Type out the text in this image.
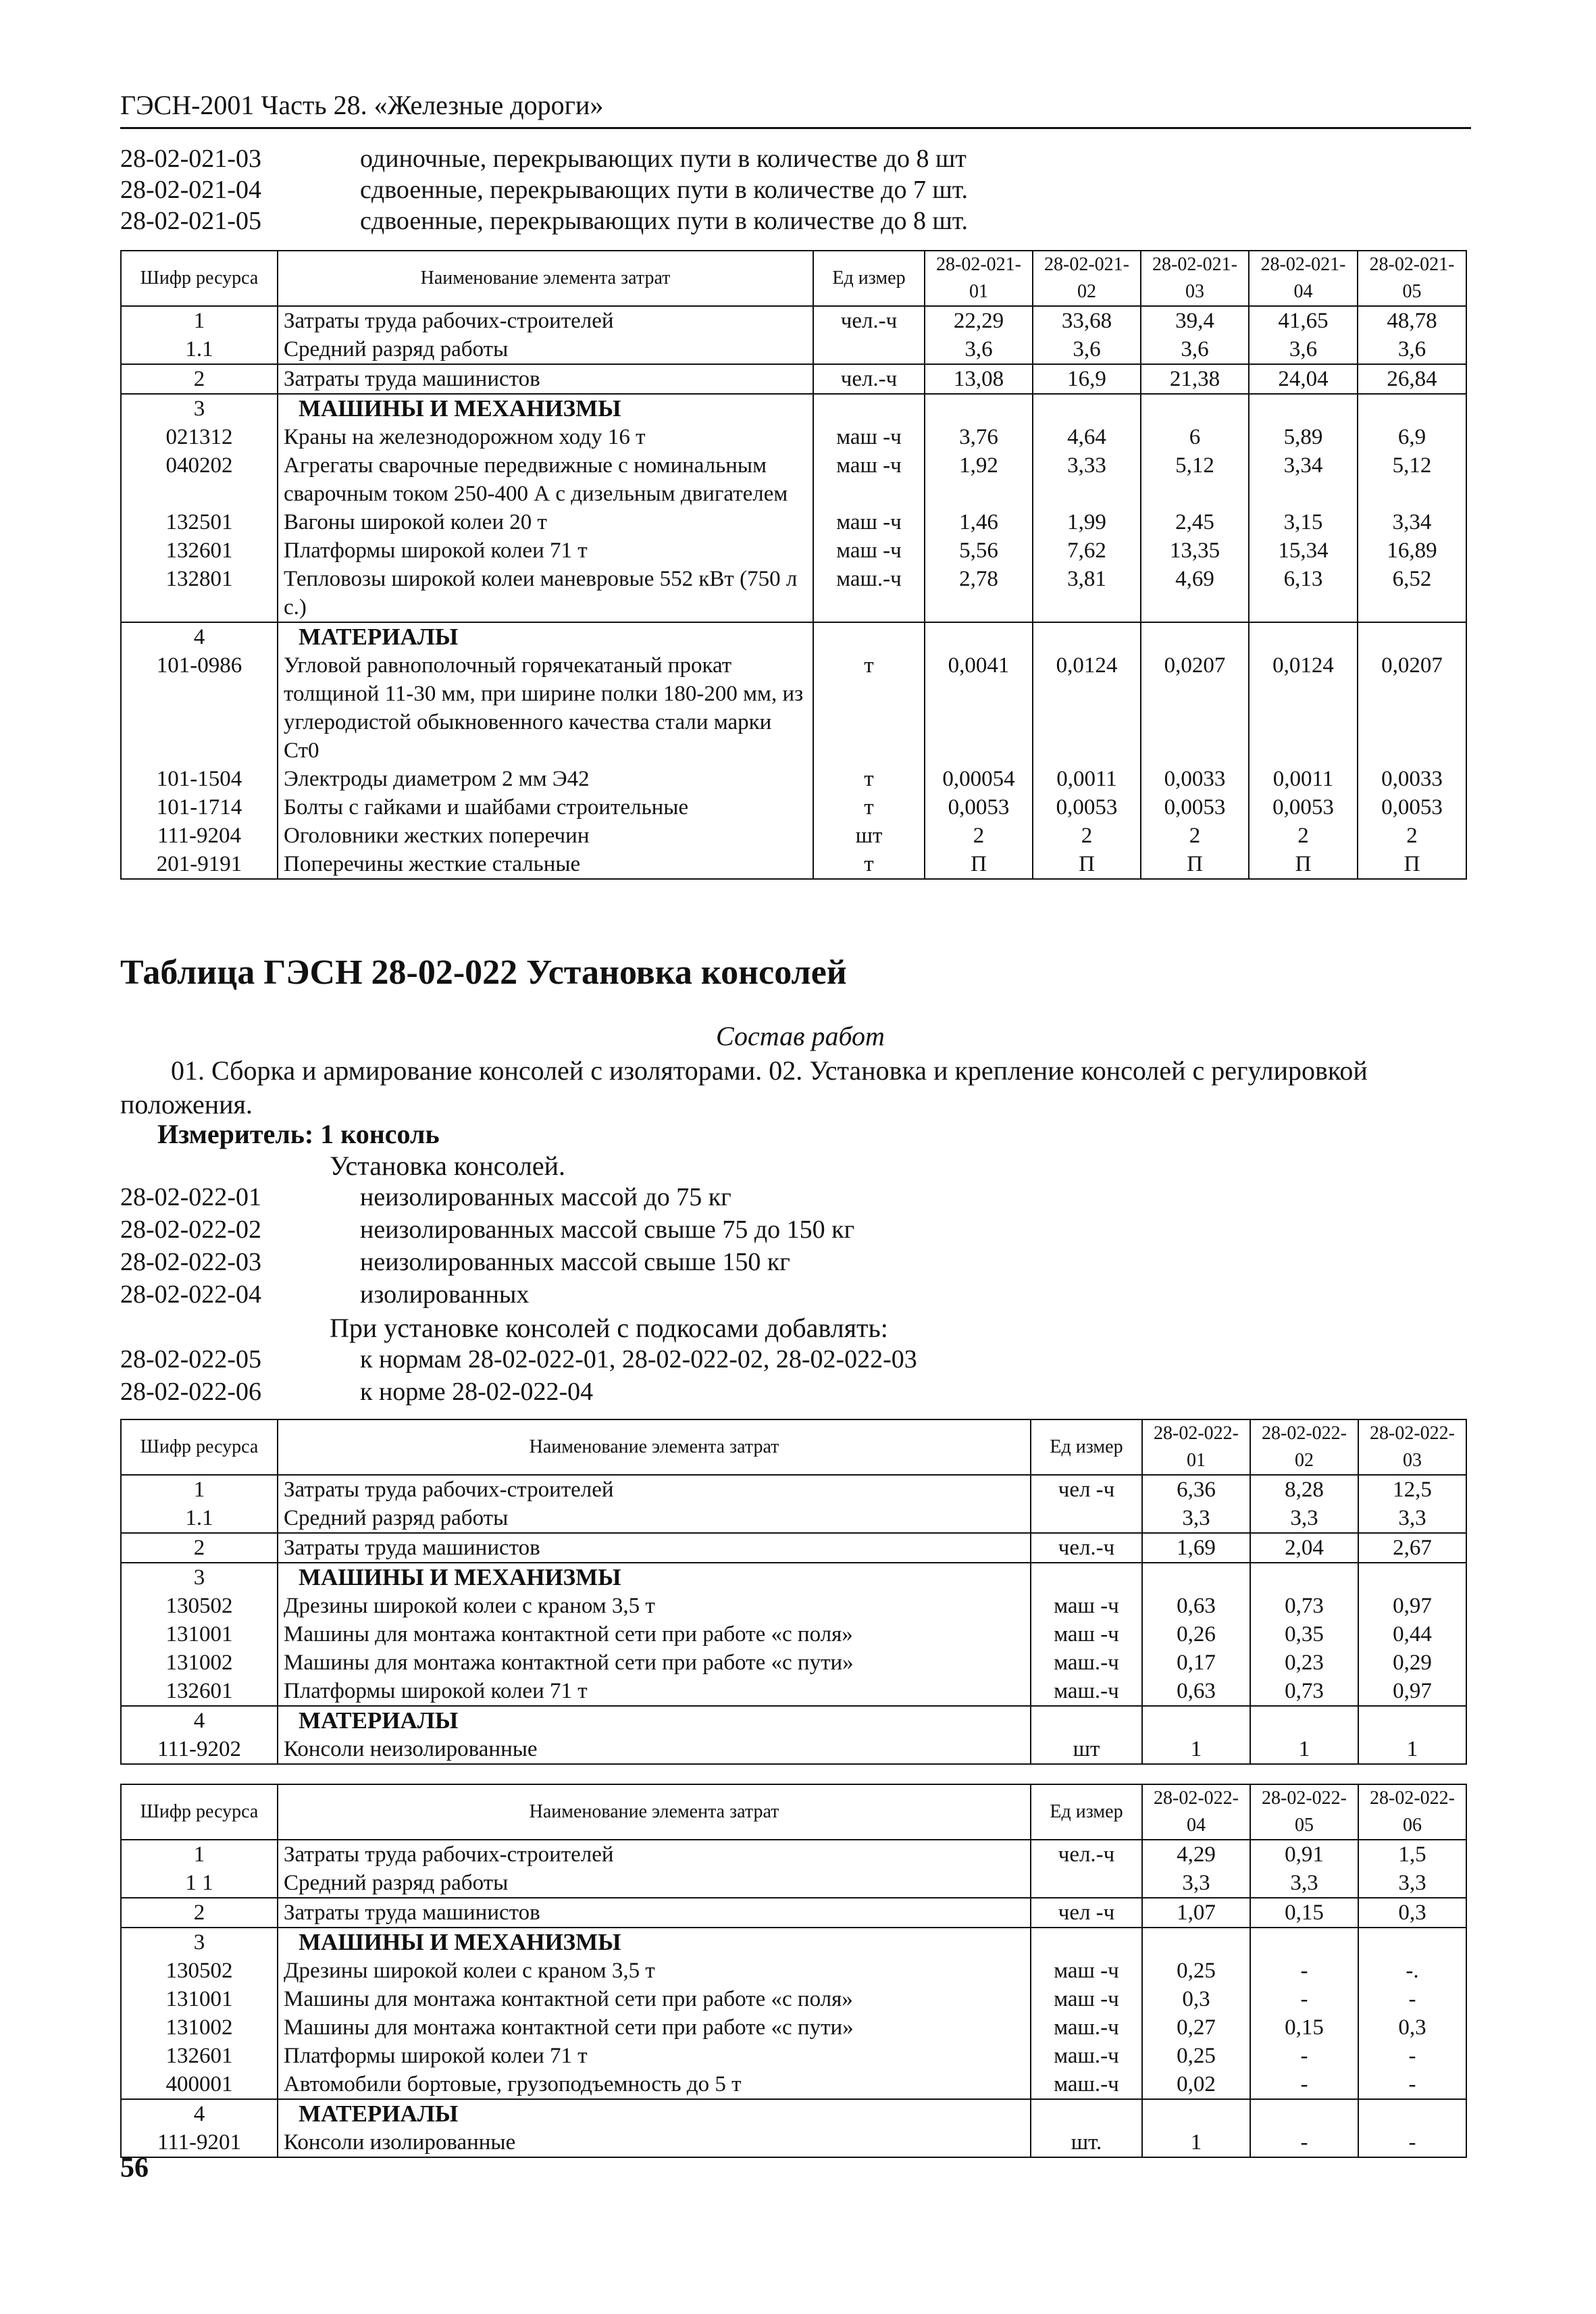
ГЭСН-2001 Часть 28. «Железные дороги»
28-02-021-03	одиночные, перекрывающих пути в количестве до 8 шт
28-02-021-04	сдвоенные, перекрывающих пути в количестве до 7 шт.
28-02-021-05	сдвоенные, перекрывающих пути в количестве до 8 шт.
Шифр ресурса	Наименование элемента затрат	Ед измер	28-02-021-01	28-02-021-02	28-02-021-03	28-02-021-04	28-02-021-05
1	Затраты труда рабочих-строителей	чел.-ч	22,29	33,68	39,4	41,65	48,78
1.1	Средний разряд работы		3,6	3,6	3,6	3,6	3,6
2	Затраты труда машинистов	чел.-ч	13,08	16,9	21,38	24,04	26,84
3	МАШИНЫ И МЕХАНИЗМЫ						
021312	Краны на железнодорожном ходу 16 т	маш -ч	3,76	4,64	6	5,89	6,9
040202	Агрегаты сварочные передвижные с номинальным сварочным током 250-400 А с дизельным двигателем	маш -ч	1,92	3,33	5,12	3,34	5,12
132501	Вагоны широкой колеи 20 т	маш -ч	1,46	1,99	2,45	3,15	3,34
132601	Платформы широкой колеи 71 т	маш -ч	5,56	7,62	13,35	15,34	16,89
132801	Тепловозы широкой колеи маневровые 552 кВт (750 л с.)	маш.-ч	2,78	3,81	4,69	6,13	6,52
4	МАТЕРИАЛЫ						
101-0986	Угловой равнополочный горячекатаный прокат толщиной 11-30 мм, при ширине полки 180-200 мм, из углеродистой обыкновенного качества стали марки Ст0	т	0,0041	0,0124	0,0207	0,0124	0,0207
101-1504	Электроды диаметром 2 мм Э42	т	0,00054	0,0011	0,0033	0,0011	0,0033
101-1714	Болты с гайками и шайбами строительные	т	0,0053	0,0053	0,0053	0,0053	0,0053
111-9204	Оголовники жестких поперечин	шт	2	2	2	2	2
201-9191	Поперечины жесткие стальные	т	П	П	П	П	П
Таблица ГЭСН 28-02-022 Установка консолей
Состав работ
01. Сборка и армирование консолей с изоляторами. 02. Установка и крепление консолей с регулировкой положения.
Измеритель: 1 консоль
Установка консолей.
28-02-022-01	неизолированных массой до 75 кг
28-02-022-02	неизолированных массой свыше 75 до 150 кг
28-02-022-03	неизолированных массой свыше 150 кг
28-02-022-04	изолированных
При установке консолей с подкосами добавлять:
28-02-022-05	к нормам 28-02-022-01, 28-02-022-02, 28-02-022-03
28-02-022-06	к норме 28-02-022-04
Шифр ресурса	Наименование элемента затрат	Ед измер	28-02-022-01	28-02-022-02	28-02-022-03
1	Затраты труда рабочих-строителей	чел -ч	6,36	8,28	12,5
1.1	Средний разряд работы		3,3	3,3	3,3
2	Затраты труда машинистов	чел.-ч	1,69	2,04	2,67
3	МАШИНЫ И МЕХАНИЗМЫ				
130502	Дрезины широкой колеи с краном 3,5 т	маш -ч	0,63	0,73	0,97
131001	Машины для монтажа контактной сети при работе «с поля»	маш -ч	0,26	0,35	0,44
131002	Машины для монтажа контактной сети при работе «с пути»	маш.-ч	0,17	0,23	0,29
132601	Платформы широкой колеи 71 т	маш.-ч	0,63	0,73	0,97
4	МАТЕРИАЛЫ				
111-9202	Консоли неизолированные	шт	1	1	1
Шифр ресурса	Наименование элемента затрат	Ед измер	28-02-022-04	28-02-022-05	28-02-022-06
1	Затраты труда рабочих-строителей	чел.-ч	4,29	0,91	1,5
1 1	Средний разряд работы		3,3	3,3	3,3
2	Затраты труда машинистов	чел -ч	1,07	0,15	0,3
3	МАШИНЫ И МЕХАНИЗМЫ				
130502	Дрезины широкой колеи с краном 3,5 т	маш -ч	0,25	-	-.
131001	Машины для монтажа контактной сети при работе «с поля»	маш -ч	0,3	-	-
131002	Машины для монтажа контактной сети при работе «с пути»	маш.-ч	0,27	0,15	0,3
132601	Платформы широкой колеи 71 т	маш.-ч	0,25	-	-
400001	Автомобили бортовые, грузоподъемность до 5 т	маш.-ч	0,02	-	-
4	МАТЕРИАЛЫ				
111-9201	Консоли изолированные	шт.	1	-	-
56
